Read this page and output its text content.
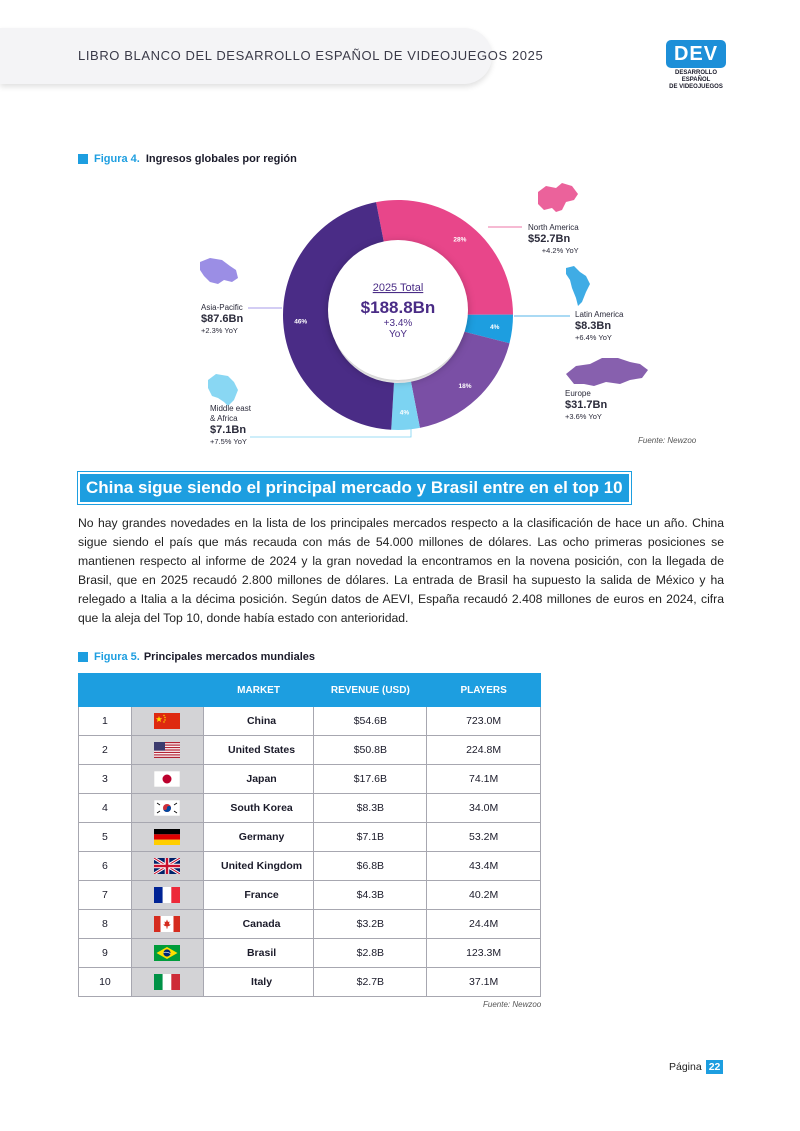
LIBRO BLANCO DEL DESARROLLO ESPAÑOL DE VIDEOJUEGOS 2025	DEV
DESARROLLO ESPAÑOL
DE VIDEOJUEGOS
Figura 4. Ingresos globales por región
28%
4%
18%
4%
46%
2025 Total
$188.8Bn
+3.4%
YoY
North America
$52.7Bn
+4.2% YoY
Latin America
$8.3Bn
+6.4% YoY
Europe
$31.7Bn
+3.6% YoY
Asia-Pacific
$87.6Bn
+2.3% YoY
Middle east
& Africa
$7.1Bn
+7.5% YoY	Fuente: Newzoo
China sigue siendo el principal mercado y Brasil entre en el top 10
No hay grandes novedades en la lista de los principales mercados respecto a la clasificación de hace un año. China sigue siendo el país que más recauda con más de 54.000 millones de dólares. Las ocho primeras posiciones se mantienen respecto al informe de 2024 y la gran novedad la encontramos en la novena posición, con la llegada de Brasil, que en 2025 recaudó 2.800 millones de dólares. La entrada de Brasil ha supuesto la salida de México y ha relegado a Italia a la décima posición. Según datos de AEVI, España recaudó 2.408 millones de euros en 2024, cifra que la aleja del Top 10, donde había estado con anterioridad.
Figura 5. Principales mercados mundiales
		MARKET	REVENUE (USD)	PLAYERS
1		China	$54.6B	723.0M
2		United States	$50.8B	224.8M
3		Japan	$17.6B	74.1M
4		South Korea	$8.3B	34.0M
5		Germany	$7.1B	53.2M
6		United Kingdom	$6.8B	43.4M
7		France	$4.3B	40.2M
8		Canada	$3.2B	24.4M
9		Brasil	$2.8B	123.3M
10		Italy	$2.7B	37.1M
Fuente: Newzoo
Página 22
